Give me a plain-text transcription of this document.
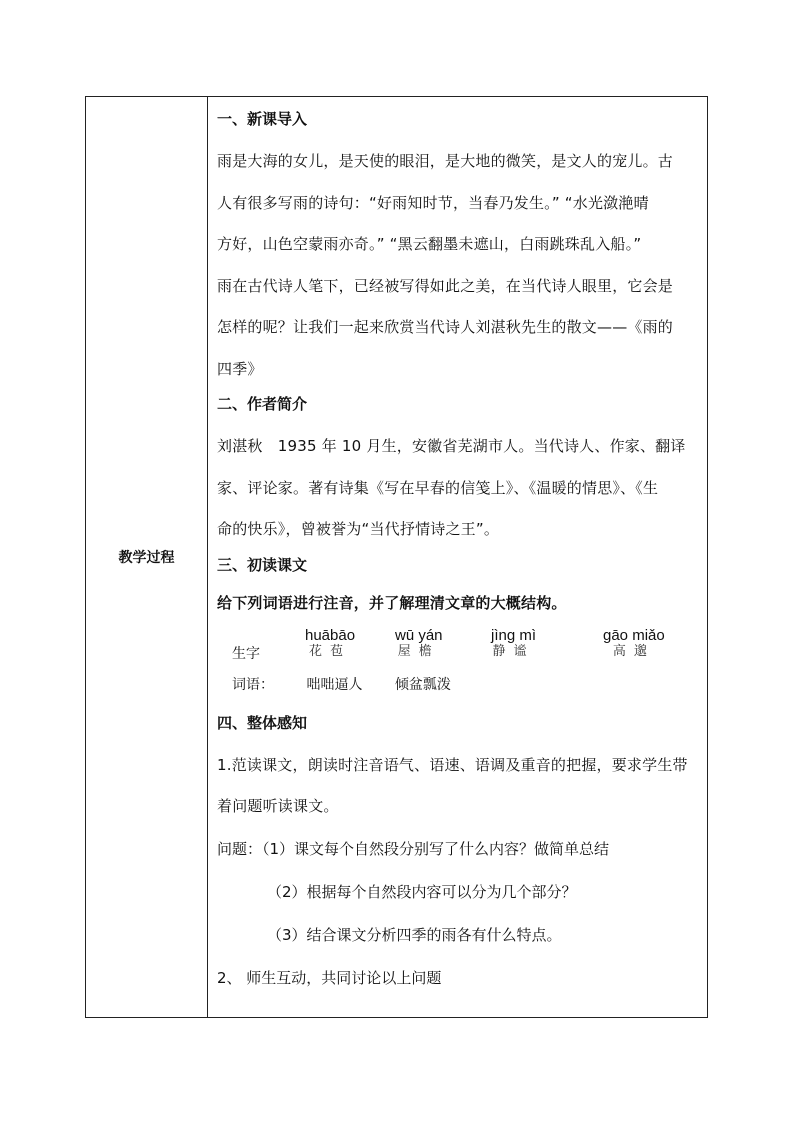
教学过程
一、新课导入

雨是大海的女儿，是天使的眼泪，是大地的微笑，是文人的宠儿。古

人有很多写雨的诗句：“好雨知时节，当春乃发生。” “水光潋滟晴

方好，山色空蒙雨亦奇。” “黑云翻墨未遮山，白雨跳珠乱入船。”

雨在古代诗人笔下，已经被写得如此之美，在当代诗人眼里，它会是

怎样的呢？让我们一起来欣赏当代诗人刘湛秋先生的散文——《雨的

四季》

二、作者简介

刘湛秋　1935 年 10 月生，安徽省芜湖市人。当代诗人、作家、翻译

家、评论家。著有诗集《写在早春的信笺上》、《温暖的情思》、《生

命的快乐》，曾被誉为“当代抒情诗之王”。

三、初读课文

给下列词语进行注音，并了解理清文章的大概结构。

生字
huābāo
花苞
wū yán
屋檐
jìng mì
静谧
gāo miǎo
高邈
词语： 咄咄逼人 倾盆瓢泼
四、整体感知

1.范读课文，朗读时注音语气、语速、语调及重音的把握，要求学生带

着问题听读课文。

问题：（1）课文每个自然段分别写了什么内容？做简单总结

（2）根据每个自然段内容可以分为几个部分？

（3）结合课文分析四季的雨各有什么特点。

2、 师生互动，共同讨论以上问题
